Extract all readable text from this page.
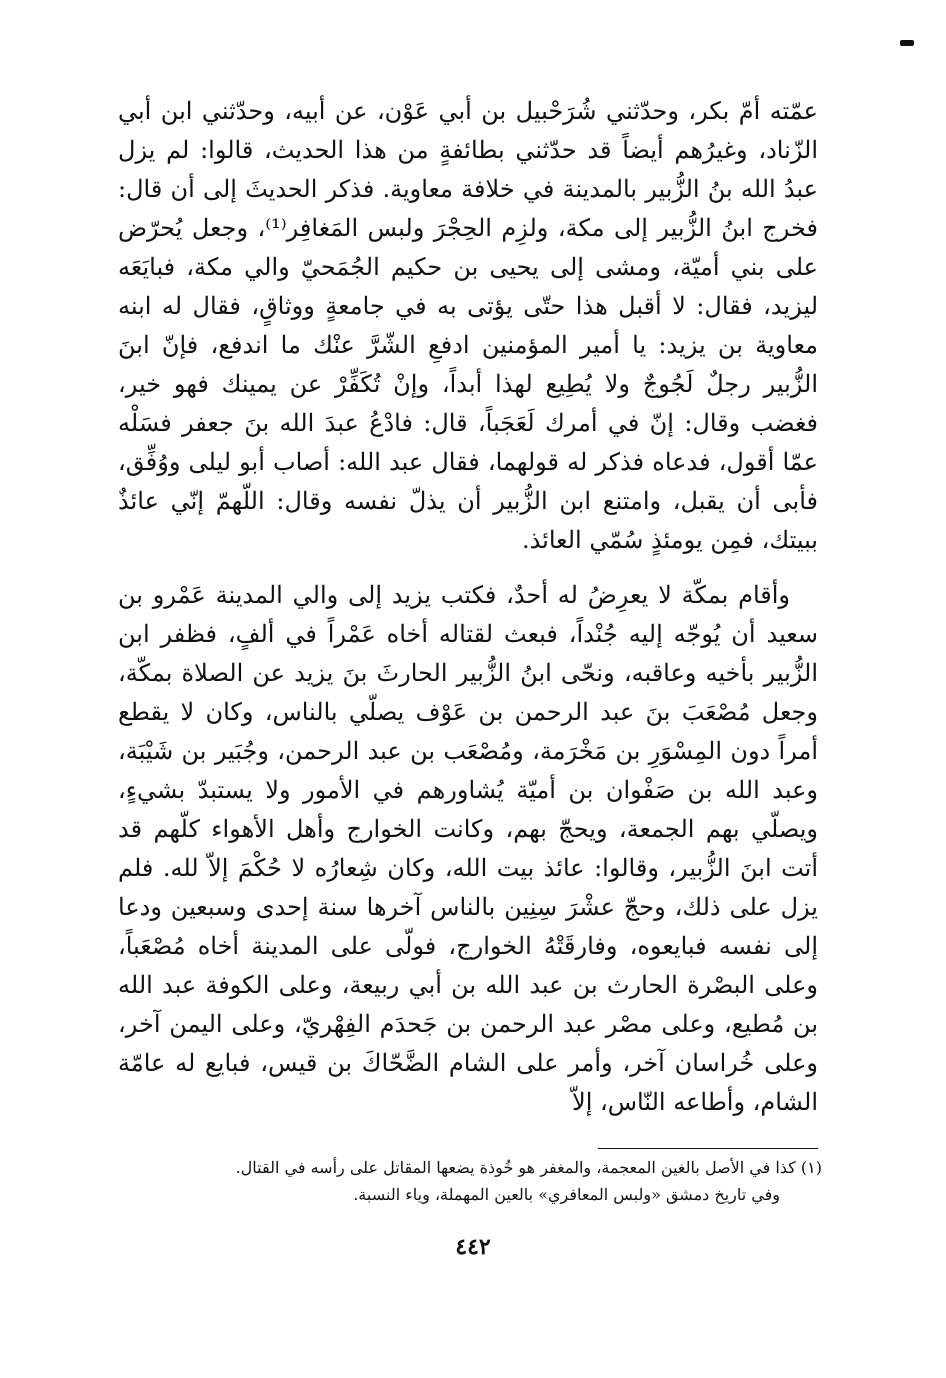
عمّته أمّ بكر، وحدّثني شُرَحْبيل بن أبي عَوْن، عن أبيه، وحدّثني ابن أبي الزّناد، وغيرُهم أيضاً قد حدّثني بطائفةٍ من هذا الحديث، قالوا: لم يزل عبدُ الله بنُ الزُّبير بالمدينة في خلافة معاوية. فذكر الحديثَ إلى أن قال: فخرج ابنُ الزُّبير إلى مكة، ولزِم الحِجْرَ ولبس المَغافِر⁽¹⁾، وجعل يُحرّض على بني أميّة، ومشى إلى يحيى بن حكيم الجُمَحيّ والي مكة، فبايَعَه ليزيد، فقال: لا أقبل هذا حتّى يؤتى به في جامعةٍ ووثاقٍ، فقال له ابنه معاوية بن يزيد: يا أمير المؤمنين ادفعِ الشّرَّ عنْك ما اندفع، فإنّ ابنَ الزُّبير رجلٌ لَجُوجٌ ولا يُطِيع لهذا أبداً، وإنْ تُكَفِّرْ عن يمينك فهو خير، فغضب وقال: إنّ في أمرك لَعَجَباً، قال: فادْعُ عبدَ الله بنَ جعفر فسَلْه عمّا أقول، فدعاه فذكر له قولهما، فقال عبد الله: أصاب أبو ليلى ووُفِّق، فأبى أن يقبل، وامتنع ابن الزُّبير أن يذلّ نفسه وقال: اللّهمّ إنّي عائذٌ ببيتك، فمِن يومئذٍ سُمّي العائذ.

وأقام بمكّة لا يعرِضُ له أحدٌ، فكتب يزيد إلى والي المدينة عَمْرو بن سعيد أن يُوجّه إليه جُنْداً، فبعث لقتاله أخاه عَمْراً في ألفٍ، فظفر ابن الزُّبير بأخيه وعاقبه، ونحّى ابنُ الزُّبير الحارثَ بنَ يزيد عن الصلاة بمكّة، وجعل مُصْعَبَ بنَ عبد الرحمن بن عَوْف يصلّي بالناس، وكان لا يقطع أمراً دون المِسْوَرِ بن مَخْرَمة، ومُصْعَب بن عبد الرحمن، وجُبَير بن شَيْبَة، وعبد الله بن صَفْوان بن أميّة يُشاورهم في الأمور ولا يستبدّ بشيءٍ، ويصلّي بهم الجمعة، ويحجّ بهم، وكانت الخوارج وأهل الأهواء كلّهم قد أتت ابنَ الزُّبير، وقالوا: عائذ بيت الله، وكان شِعارُه لا حُكْمَ إلاّ لله. فلم يزل على ذلك، وحجّ عشْرَ سِنِين بالناس آخرها سنة إحدى وسبعين ودعا إلى نفسه فبايعوه، وفارقَتْهُ الخوارج، فولّى على المدينة أخاه مُصْعَباً، وعلى البصْرة الحارث بن عبد الله بن أبي ربيعة، وعلى الكوفة عبد الله بن مُطيع، وعلى مصْر عبد الرحمن بن جَحدَم الفِهْريّ، وعلى اليمن آخر، وعلى خُراسان آخر، وأمر على الشام الضَّحّاكَ بن قيس، فبايع له عامّة الشام، وأطاعه النّاس، إلاّ

(١) كذا في الأصل بالغين المعجمة، والمغفر هو خُوذة يضعها المقاتل على رأسه في القتال.

وفي تاريخ دمشق «ولبس المعافري» بالعين المهملة، وياء النسبة.

٤٤٢
